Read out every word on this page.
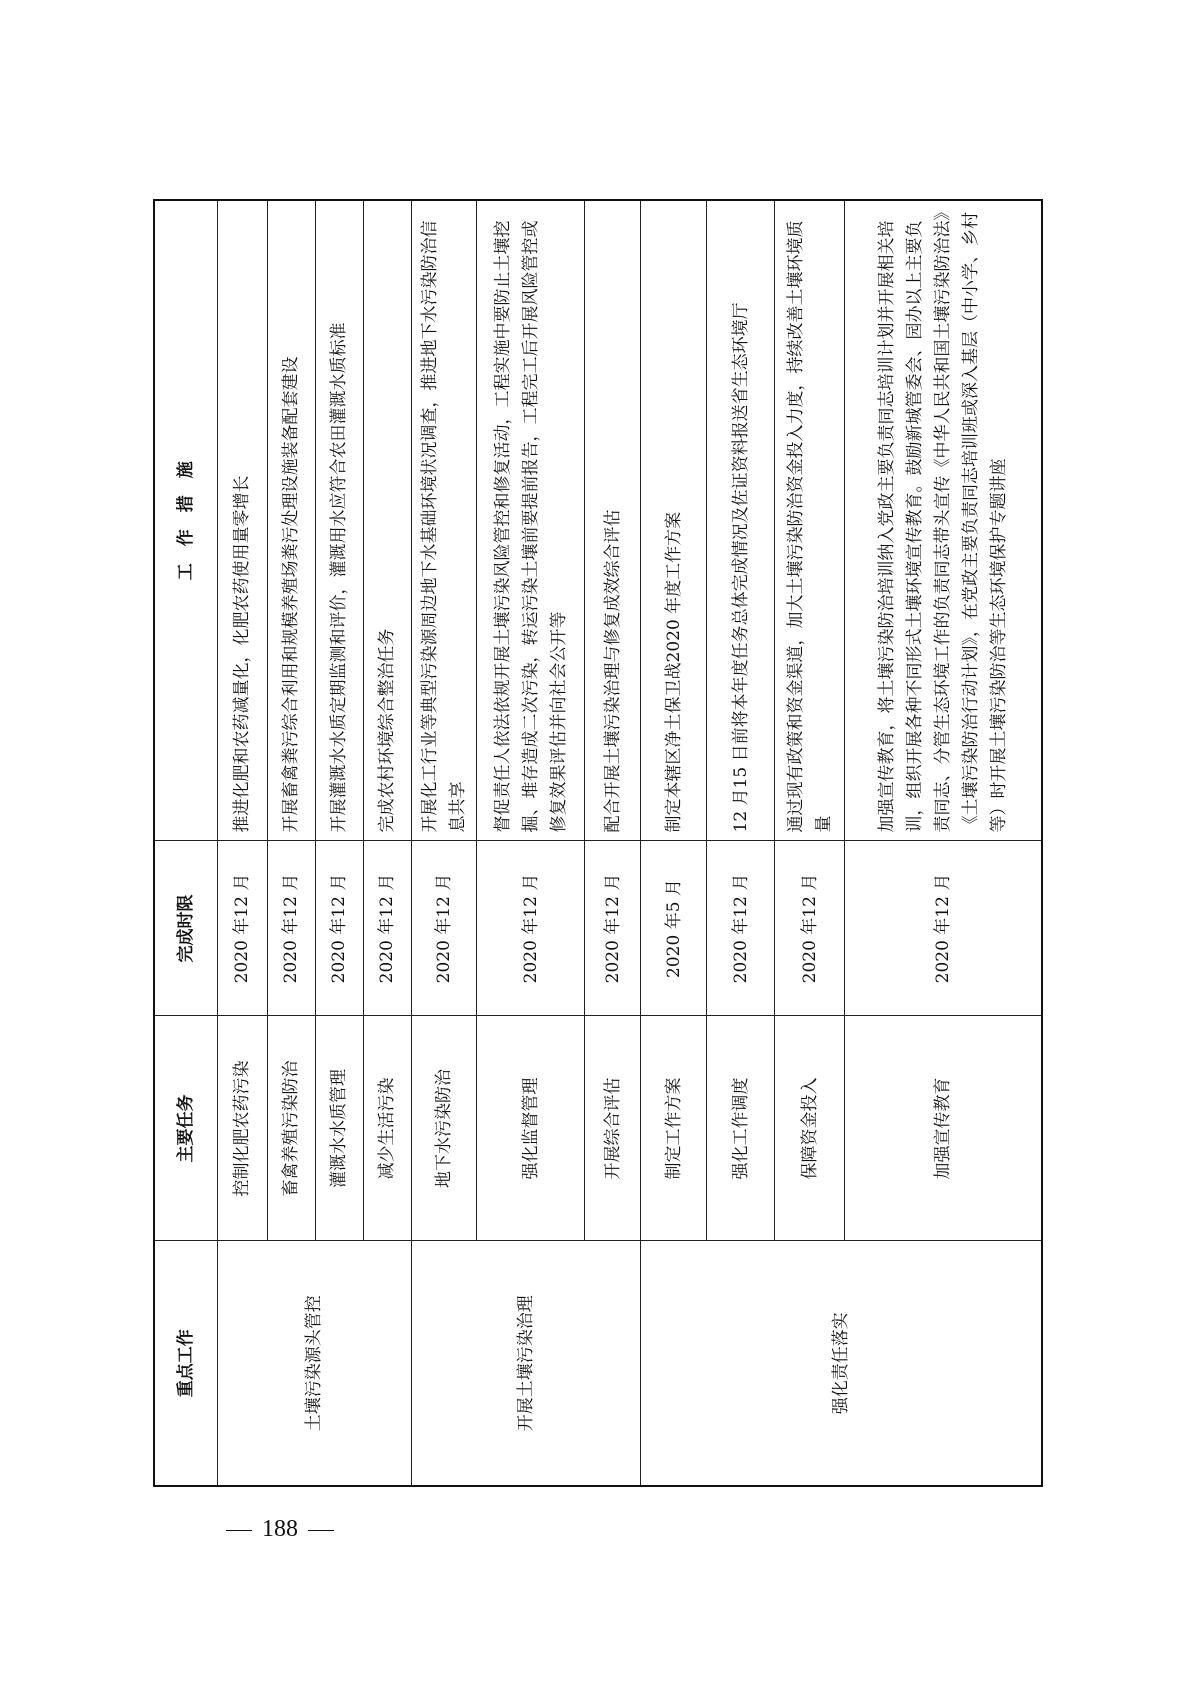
重点工作	主要任务	完成时限	工　作　措　施
土壤污染源头管控	控制化肥农药污染	2020 年12 月	推进化肥和农药减量化，化肥农药使用量零增长
	畜禽养殖污染防治	2020 年12 月	开展畜禽粪污综合利用和规模养殖场粪污处理设施装备配套建设
	灌溉水水质管理	2020 年12 月	开展灌溉水水质定期监测和评价，灌溉用水应符合农田灌溉水质标准
	减少生活污染	2020 年12 月	完成农村环境综合整治任务
开展土壤污染治理	地下水污染防治	2020 年12 月	开展化工行业等典型污染源周边地下水基础环境状况调查，推进地下水污染防治信息共享
	强化监督管理	2020 年12 月	督促责任人依法依规开展土壤污染风险管控和修复活动，工程实施中要防止土壤挖掘、堆存造成二次污染，转运污染土壤前要提前报告，工程完工后开展风险管控或修复效果评估并向社会公开等
	开展综合评估	2020 年12 月	配合开展土壤污染治理与修复成效综合评估
强化责任落实	制定工作方案	2020 年5 月	制定本辖区净土保卫战2020 年度工作方案
	强化工作调度	2020 年12 月	12 月15 日前将本年度任务总体完成情况及佐证资料报送省生态环境厅
	保障资金投入	2020 年12 月	通过现有政策和资金渠道，加大土壤污染防治资金投入力度，持续改善土壤环境质量
	加强宣传教育	2020 年12 月	加强宣传教育，将土壤污染防治培训纳入党政主要负责同志培训计划并开展相关培训，组织开展各种不同形式土壤环境宣传教育。鼓励新城管委会、园办以上主要负责同志、分管生态环境工作的负责同志带头宣传《中华人民共和国土壤污染防治法》《土壤污染防治行动计划》，在党政主要负责同志培训班或深入基层（中小学、乡村等）时开展土壤污染防治等生态环境保护专题讲座
188
